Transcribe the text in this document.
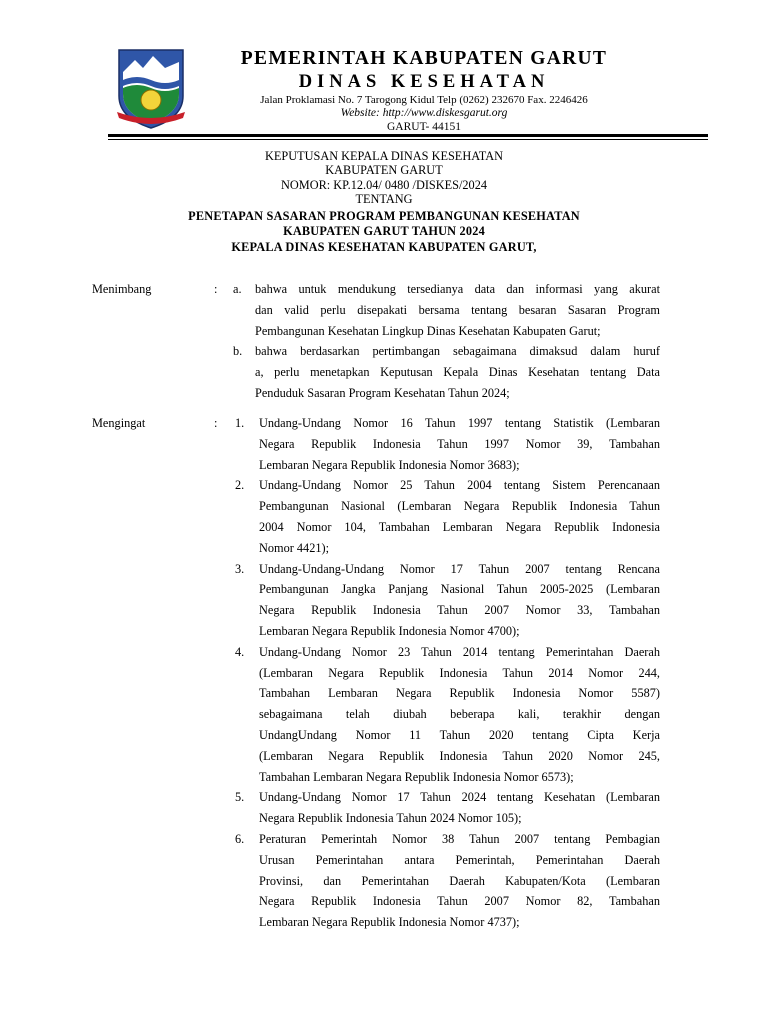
PEMERINTAH KABUPATEN GARUT
DINAS KESEHATAN
Jalan Proklamasi No. 7 Tarogong Kidul Telp (0262) 232670 Fax. 2246426
Website: http://www.diskesgarut.org
GARUT- 44151
KEPUTUSAN KEPALA DINAS KESEHATAN
KABUPATEN GARUT
NOMOR: KP.12.04/ 0480 /DISKES/2024
TENTANG
PENETAPAN SASARAN PROGRAM PEMBANGUNAN KESEHATAN
KABUPATEN GARUT TAHUN 2024
KEPALA DINAS KESEHATAN KABUPATEN GARUT,
Menimbang	: a. bahwa untuk mendukung tersedianya data dan informasi yang akurat
dan valid perlu disepakati bersama tentang besaran Sasaran Program
Pembangunan Kesehatan Lingkup Dinas Kesehatan Kabupaten Garut;
b. bahwa berdasarkan pertimbangan sebagaimana dimaksud dalam huruf
a, perlu menetapkan Keputusan Kepala Dinas Kesehatan tentang Data
Penduduk Sasaran Program Kesehatan Tahun 2024;
Mengingat	: 1. Undang-Undang Nomor 16 Tahun 1997 tentang Statistik (Lembaran
Negara Republik Indonesia Tahun 1997 Nomor 39, Tambahan
Lembaran Negara Republik Indonesia Nomor 3683);
2. Undang-Undang Nomor 25 Tahun 2004 tentang Sistem Perencanaan
Pembangunan Nasional (Lembaran Negara Republik Indonesia Tahun
2004 Nomor 104, Tambahan Lembaran Negara Republik Indonesia
Nomor 4421);
3. Undang-Undang-Undang Nomor 17 Tahun 2007 tentang Rencana
Pembangunan Jangka Panjang Nasional Tahun 2005-2025 (Lembaran
Negara Republik Indonesia Tahun 2007 Nomor 33, Tambahan
Lembaran Negara Republik Indonesia Nomor 4700);
4. Undang-Undang Nomor 23 Tahun 2014 tentang Pemerintahan Daerah
(Lembaran Negara Republik Indonesia Tahun 2014 Nomor 244,
Tambahan Lembaran Negara Republik Indonesia Nomor 5587)
sebagaimana telah diubah beberapa kali, terakhir dengan
UndangUndang Nomor 11 Tahun 2020 tentang Cipta Kerja
(Lembaran Negara Republik Indonesia Tahun 2020 Nomor 245,
Tambahan Lembaran Negara Republik Indonesia Nomor 6573);
5. Undang-Undang Nomor 17 Tahun 2024 tentang Kesehatan (Lembaran
Negara Republik Indonesia Tahun 2024 Nomor 105);
6. Peraturan Pemerintah Nomor 38 Tahun 2007 tentang Pembagian
Urusan Pemerintahan antara Pemerintah, Pemerintahan Daerah
Provinsi, dan Pemerintahan Daerah Kabupaten/Kota (Lembaran
Negara Republik Indonesia Tahun 2007 Nomor 82, Tambahan
Lembaran Negara Republik Indonesia Nomor 4737);
